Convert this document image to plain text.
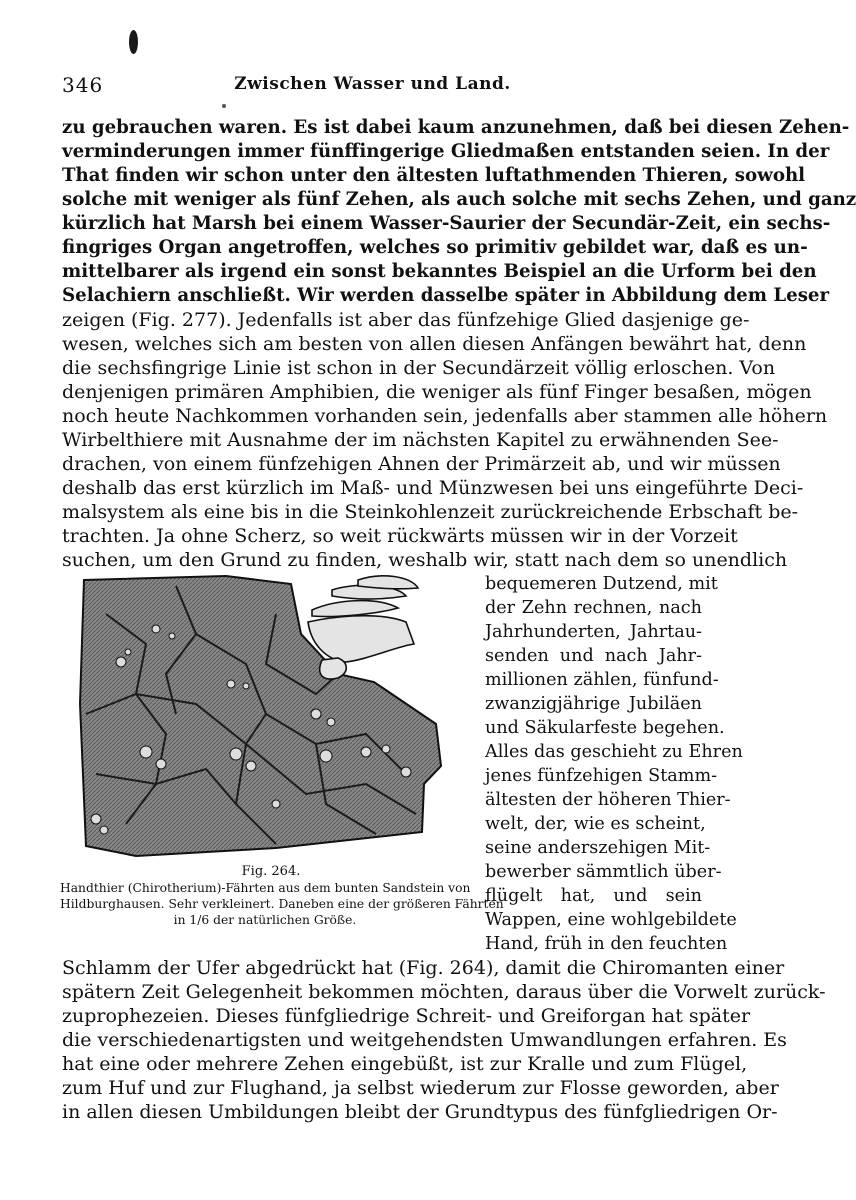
346	Zwischen Wasser und Land.
zu gebrauchen waren. Es ist dabei kaum anzunehmen, daß bei diesen Zehen-
verminderungen immer fünffingerige Gliedmaßen entstanden seien. In der
That finden wir schon unter den ältesten luftathmenden Thieren, sowohl
solche mit weniger als fünf Zehen, als auch solche mit sechs Zehen, und ganz
kürzlich hat Marsh bei einem Wasser-Saurier der Secundär-Zeit, ein sechs-
fingriges Organ angetroffen, welches so primitiv gebildet war, daß es un-
mittelbarer als irgend ein sonst bekanntes Beispiel an die Urform bei den
Selachiern anschließt. Wir werden dasselbe später in Abbildung dem Leser
zeigen (Fig. 277). Jedenfalls ist aber das fünfzehige Glied dasjenige ge-
wesen, welches sich am besten von allen diesen Anfängen bewährt hat, denn
die sechsfingrige Linie ist schon in der Secundärzeit völlig erloschen. Von
denjenigen primären Amphibien, die weniger als fünf Finger besaßen, mögen
noch heute Nachkommen vorhanden sein, jedenfalls aber stammen alle höhern
Wirbelthiere mit Ausnahme der im nächsten Kapitel zu erwähnenden See-
drachen, von einem fünfzehigen Ahnen der Primärzeit ab, und wir müssen
deshalb das erst kürzlich im Maß- und Münzwesen bei uns eingeführte Deci-
malsystem als eine bis in die Steinkohlenzeit zurückreichende Erbschaft be-
trachten. Ja ohne Scherz, so weit rückwärts müssen wir in der Vorzeit
suchen, um den Grund zu finden, weshalb wir, statt nach dem so unendlich
Fig. 264.
Handthier (Chirotherium)-Fährten aus dem bunten Sandstein von
Hildburghausen. Sehr verkleinert. Daneben eine der größeren Fährten
in 1/6 der natürlichen Größe.
bequemeren Dutzend, mit
der Zehn rechnen, nach
Jahrhunderten, Jahrtau-
senden und nach Jahr-
millionen zählen, fünfund-
zwanzigjährige Jubiläen
und Säkularfeste begehen.
Alles das geschieht zu Ehren
jenes fünfzehigen Stamm-
ältesten der höheren Thier-
welt, der, wie es scheint,
seine anderszehigen Mit-
bewerber sämmtlich über-
flügelt hat, und sein
Wappen, eine wohlgebildete
Hand, früh in den feuchten
Schlamm der Ufer abgedrückt hat (Fig. 264), damit die Chiromanten einer
spätern Zeit Gelegenheit bekommen möchten, daraus über die Vorwelt zurück-
zuprophezeien. Dieses fünfgliedrige Schreit- und Greiforgan hat später
die verschiedenartigsten und weitgehendsten Umwandlungen erfahren. Es
hat eine oder mehrere Zehen eingebüßt, ist zur Kralle und zum Flügel,
zum Huf und zur Flughand, ja selbst wiederum zur Flosse geworden, aber
in allen diesen Umbildungen bleibt der Grundtypus des fünfgliedrigen Or-
